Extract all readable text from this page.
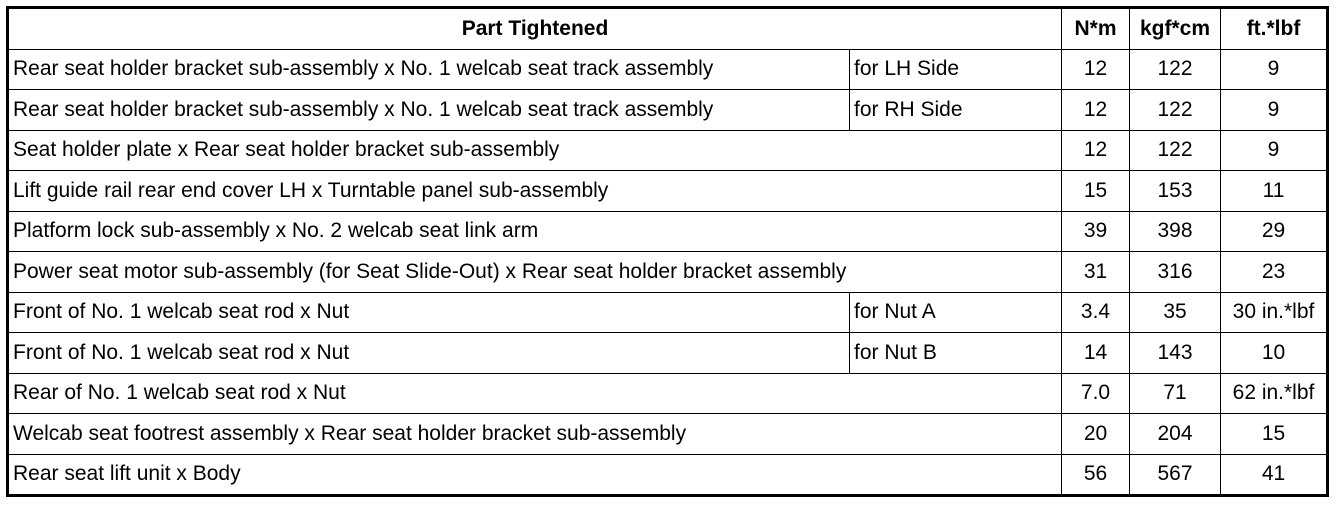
Part Tightened		N*m	kgf*cm	ft.*lbf
Rear seat holder bracket sub-assembly x No. 1 welcab seat track assembly	for LH Side	12	122	9
Rear seat holder bracket sub-assembly x No. 1 welcab seat track assembly	for RH Side	12	122	9
Seat holder plate x Rear seat holder bracket sub-assembly		12	122	9
Lift guide rail rear end cover LH x Turntable panel sub-assembly		15	153	11
Platform lock sub-assembly x No. 2 welcab seat link arm		39	398	29
Power seat motor sub-assembly (for Seat Slide-Out) x Rear seat holder bracket assembly		31	316	23
Front of No. 1 welcab seat rod x Nut	for Nut A	3.4	35	30 in.*lbf
Front of No. 1 welcab seat rod x Nut	for Nut B	14	143	10
Rear of No. 1 welcab seat rod x Nut		7.0	71	62 in.*lbf
Welcab seat footrest assembly x Rear seat holder bracket sub-assembly		20	204	15
Rear seat lift unit x Body		56	567	41
